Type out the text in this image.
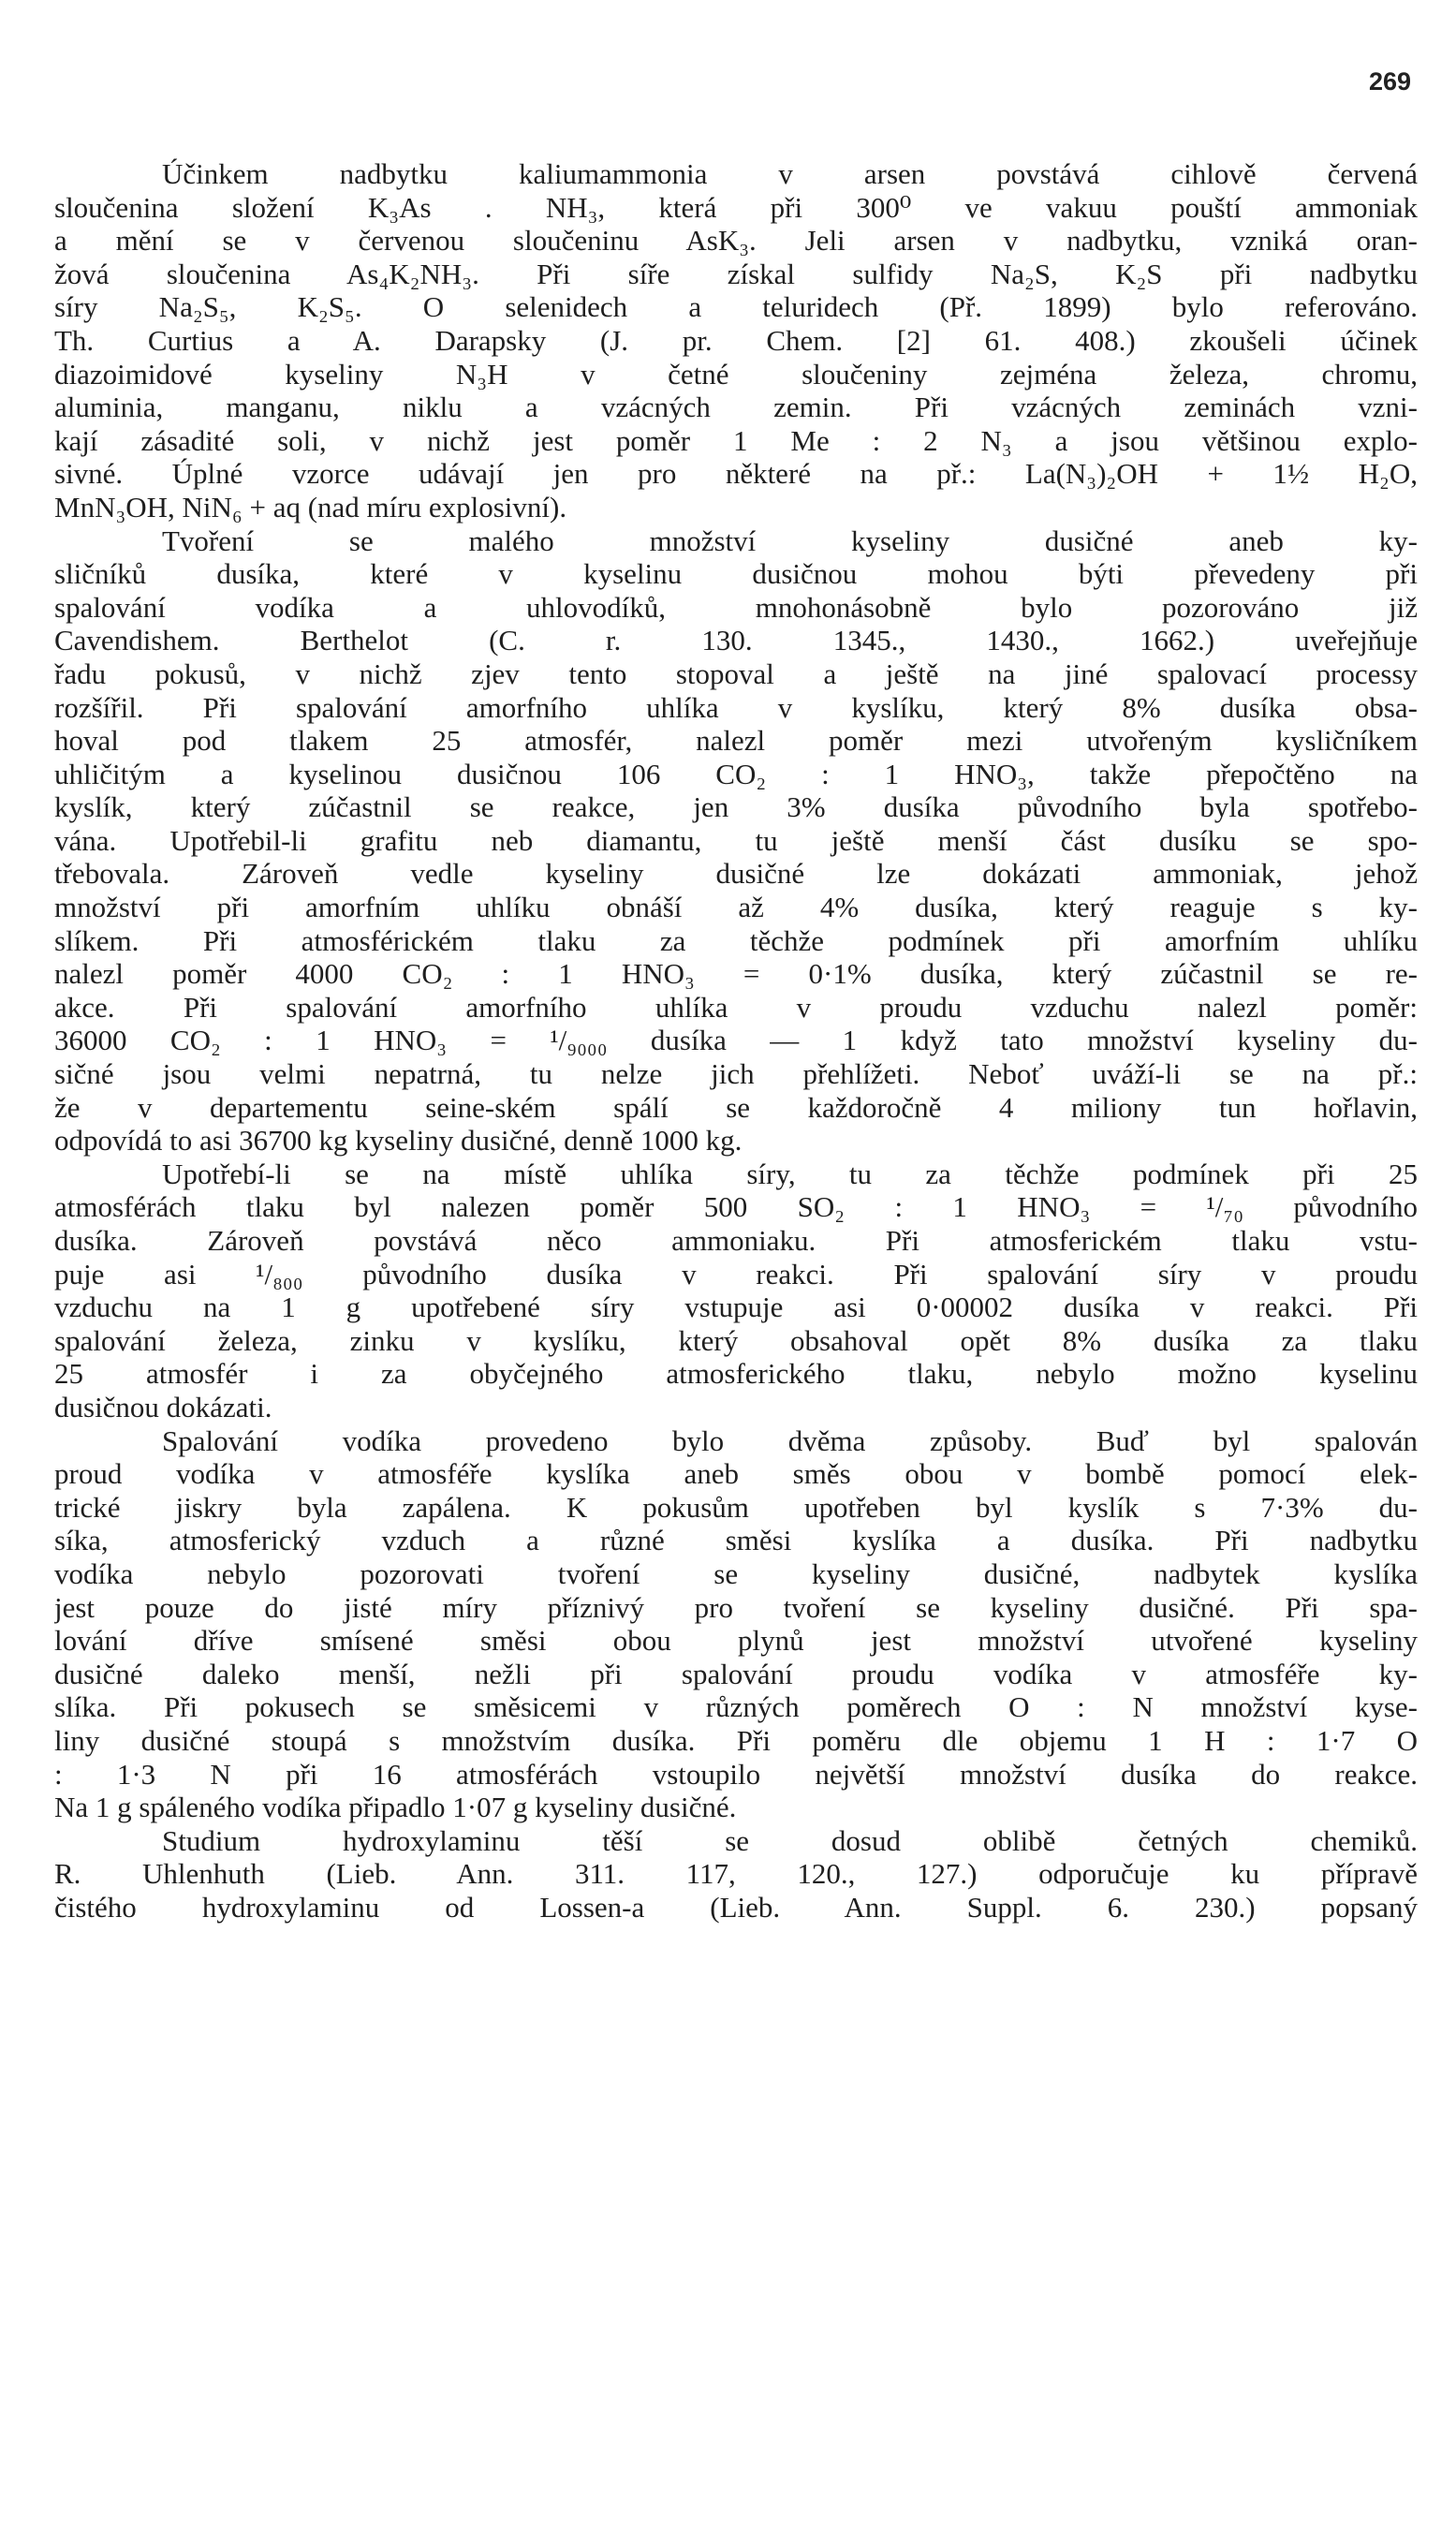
269
Účinkem nadbytku kaliumammonia v arsen povstává cihlově červená
sloučenina složení K₃As . NH₃, která při 300⁰ ve vakuu pouští ammoniak
a mění se v červenou sloučeninu AsK₃. Jeli arsen v nadbytku, vzniká oran-
žová sloučenina As₄K₂NH₃. Při síře získal sulfidy Na₂S, K₂S při nadbytku
síry Na₂S₅, K₂S₅. O selenidech a teluridech (Př. 1899) bylo referováno.
Th. Curtius a A. Darapsky (J. pr. Chem. [2] 61. 408.) zkoušeli účinek
diazoimidové kyseliny N₃H v četné sloučeniny zejména železa, chromu,
aluminia, manganu, niklu a vzácných zemin. Při vzácných zeminách vzni-
kají zásadité soli, v nichž jest poměr 1 Me : 2 N₃ a jsou většinou explo-
sivné. Úplné vzorce udávají jen pro některé na př.: La(N₃)₂OH + 1½ H₂O,
MnN₃OH, NiN₆ + aq (nad míru explosivní).
Tvoření se malého množství kyseliny dusičné aneb ky-
sličníků dusíka, které v kyselinu dusičnou mohou býti převedeny při
spalování vodíka a uhlovodíků, mnohonásobně bylo pozorováno již
Cavendishem. Berthelot (C. r. 130. 1345., 1430., 1662.) uveřejňuje
řadu pokusů, v nichž zjev tento stopoval a ještě na jiné spalovací processy
rozšířil. Při spalování amorfního uhlíka v kyslíku, který 8% dusíka obsa-
hoval pod tlakem 25 atmosfér, nalezl poměr mezi utvořeným kysličníkem
uhličitým a kyselinou dusičnou 106 CO₂ : 1 HNO₃, takže přepočtěno na
kyslík, který zúčastnil se reakce, jen 3% dusíka původního byla spotřebo-
vána. Upotřebil-li grafitu neb diamantu, tu ještě menší část dusíku se spo-
třebovala. Zároveň vedle kyseliny dusičné lze dokázati ammoniak, jehož
množství při amorfním uhlíku obnáší až 4% dusíka, který reaguje s ky-
slíkem. Při atmosférickém tlaku za těchže podmínek při amorfním uhlíku
nalezl poměr 4000 CO₂ : 1 HNO₃ = 0·1% dusíka, který zúčastnil se re-
akce. Při spalování amorfního uhlíka v proudu vzduchu nalezl poměr:
36000 CO₂ : 1 HNO₃ = ¹/₉₀₀₀ dusíka — 1 když tato množství kyseliny du-
sičné jsou velmi nepatrná, tu nelze jich přehlížeti. Neboť uváží-li se na př.:
že v departementu seine-ském spálí se každoročně 4 miliony tun hořlavin,
odpovídá to asi 36700 kg kyseliny dusičné, denně 1000 kg.
Upotřebí-li se na místě uhlíka síry, tu za těchže podmínek při 25
atmosférách tlaku byl nalezen poměr 500 SO₂ : 1 HNO₃ = ¹/₇₀ původního
dusíka. Zároveň povstává něco ammoniaku. Při atmosferickém tlaku vstu-
puje asi ¹/₈₀₀ původního dusíka v reakci. Při spalování síry v proudu
vzduchu na 1 g upotřebené síry vstupuje asi 0·00002 dusíka v reakci. Při
spalování železa, zinku v kyslíku, který obsahoval opět 8% dusíka za tlaku
25 atmosfér i za obyčejného atmosferického tlaku, nebylo možno kyselinu
dusičnou dokázati.
Spalování vodíka provedeno bylo dvěma způsoby. Buď byl spalován
proud vodíka v atmosféře kyslíka aneb směs obou v bombě pomocí elek-
trické jiskry byla zapálena. K pokusům upotřeben byl kyslík s 7·3% du-
síka, atmosferický vzduch a různé směsi kyslíka a dusíka. Při nadbytku
vodíka nebylo pozorovati tvoření se kyseliny dusičné, nadbytek kyslíka
jest pouze do jisté míry příznivý pro tvoření se kyseliny dusičné. Při spa-
lování dříve smísené směsi obou plynů jest množství utvořené kyseliny
dusičné daleko menší, nežli při spalování proudu vodíka v atmosféře ky-
slíka. Při pokusech se směsicemi v různých poměrech O : N množství kyse-
liny dusičné stoupá s množstvím dusíka. Při poměru dle objemu 1 H : 1·7 O
: 1·3 N při 16 atmosférách vstoupilo největší množství dusíka do reakce.
Na 1 g spáleného vodíka připadlo 1·07 g kyseliny dusičné.
Studium hydroxylaminu těší se dosud oblibě četných chemiků.
R. Uhlenhuth (Lieb. Ann. 311. 117, 120., 127.) odporučuje ku přípravě
čistého hydroxylaminu od Lossen-a (Lieb. Ann. Suppl. 6. 230.) popsaný
